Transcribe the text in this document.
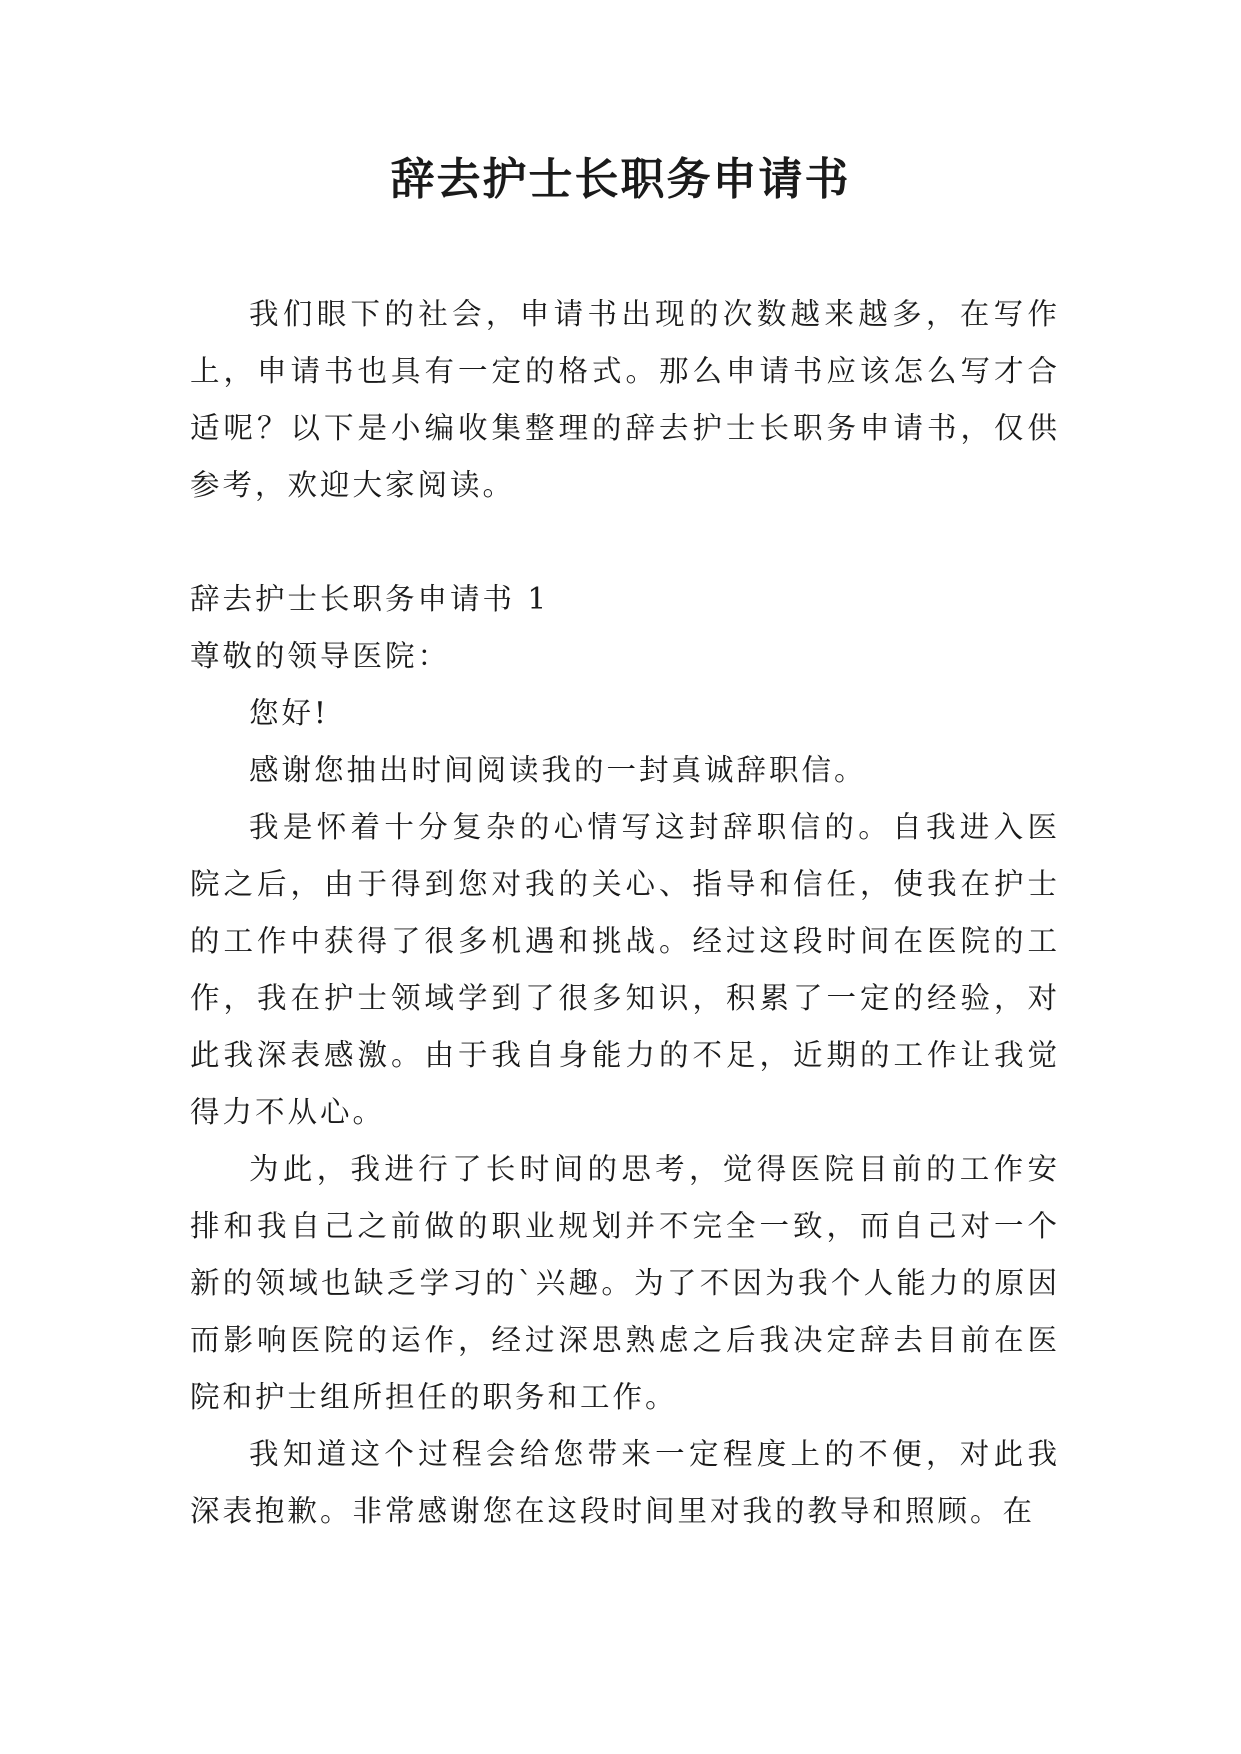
辞去护士长职务申请书

我们眼下的社会，申请书出现的次数越来越多，在写作上，申请书也具有一定的格式。那么申请书应该怎么写才合适呢？以下是小编收集整理的辞去护士长职务申请书，仅供参考，欢迎大家阅读。

辞去护士长职务申请书 1

尊敬的领导医院：

您好!

感谢您抽出时间阅读我的一封真诚辞职信。

我是怀着十分复杂的心情写这封辞职信的。自我进入医院之后，由于得到您对我的关心、指导和信任，使我在护士的工作中获得了很多机遇和挑战。经过这段时间在医院的工作，我在护士领域学到了很多知识，积累了一定的经验，对此我深表感激。由于我自身能力的不足，近期的工作让我觉得力不从心。

为此，我进行了长时间的思考，觉得医院目前的工作安排和我自己之前做的职业规划并不完全一致，而自己对一个新的领域也缺乏学习的`兴趣。为了不因为我个人能力的原因而影响医院的运作，经过深思熟虑之后我决定辞去目前在医院和护士组所担任的职务和工作。

我知道这个过程会给您带来一定程度上的不便，对此我深表抱歉。非常感谢您在这段时间里对我的教导和照顾。在
